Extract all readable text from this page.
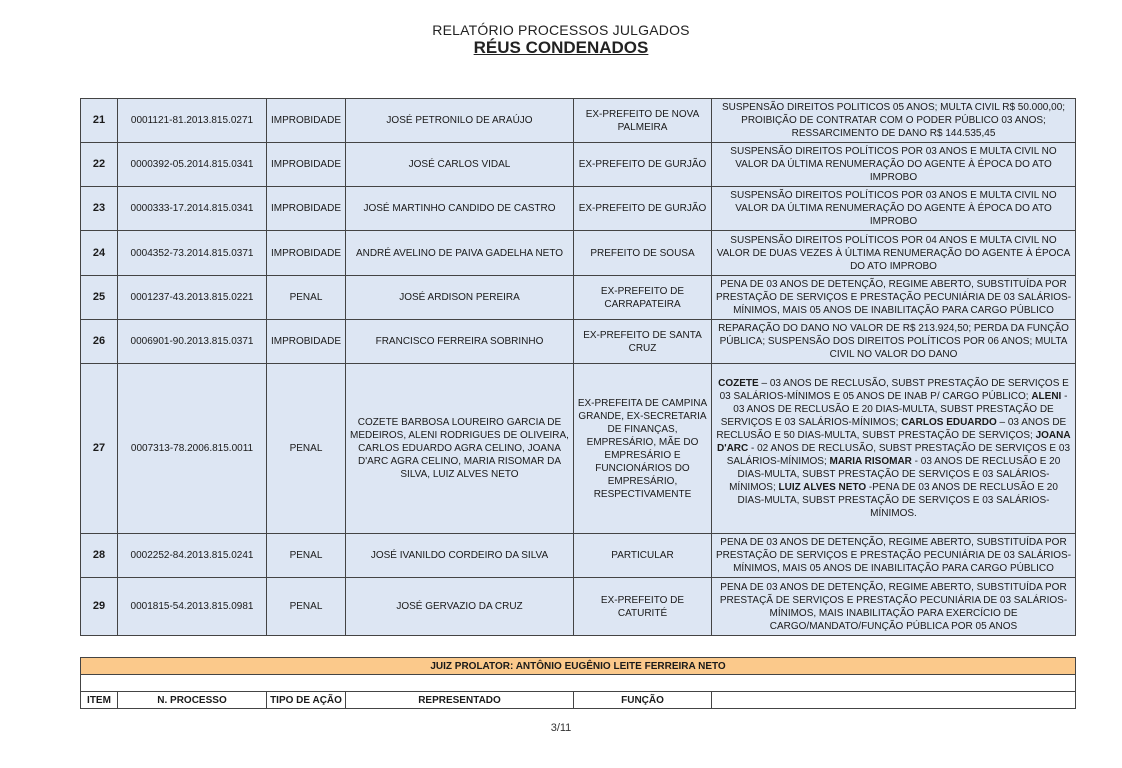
RELATÓRIO PROCESSOS JULGADOS
RÉUS CONDENADOS
21	0001121-81.2013.815.0271	IMPROBIDADE	JOSÉ PETRONILO DE ARAÚJO	EX-PREFEITO DE NOVA PALMEIRA	SUSPENSÃO DIREITOS POLITICOS 05 ANOS; MULTA CIVIL R$ 50.000,00; PROIBIÇÃO DE CONTRATAR COM O PODER PÚBLICO 03 ANOS; RESSARCIMENTO DE DANO R$ 144.535,45
22	0000392-05.2014.815.0341	IMPROBIDADE	JOSÉ CARLOS VIDAL	EX-PREFEITO DE GURJÃO	SUSPENSÃO DIREITOS POLÍTICOS POR 03 ANOS E MULTA CIVIL NO VALOR DA ÚLTIMA RENUMERAÇÃO DO AGENTE À ÉPOCA DO ATO IMPROBO
23	0000333-17.2014.815.0341	IMPROBIDADE	JOSÉ MARTINHO CANDIDO DE CASTRO	EX-PREFEITO DE GURJÃO	SUSPENSÃO DIREITOS POLÍTICOS POR 03 ANOS E MULTA CIVIL NO VALOR DA ÚLTIMA RENUMERAÇÃO DO AGENTE À ÉPOCA DO ATO IMPROBO
24	0004352-73.2014.815.0371	IMPROBIDADE	ANDRÉ AVELINO DE PAIVA GADELHA NETO	PREFEITO DE SOUSA	SUSPENSÃO DIREITOS POLÍTICOS POR 04 ANOS E MULTA CIVIL NO VALOR DE DUAS VEZES À ÚLTIMA RENUMERAÇÃO DO AGENTE À ÉPOCA DO ATO IMPROBO
25	0001237-43.2013.815.0221	PENAL	JOSÉ ARDISON PEREIRA	EX-PREFEITO DE CARRAPATEIRA	PENA DE 03 ANOS DE DETENÇÃO, REGIME ABERTO, SUBSTITUÍDA POR PRESTAÇÃO DE SERVIÇOS E PRESTAÇÃO PECUNIÁRIA DE 03 SALÁRIOS-MÍNIMOS, MAIS 05 ANOS DE INABILITAÇÃO PARA CARGO PÚBLICO
26	0006901-90.2013.815.0371	IMPROBIDADE	FRANCISCO FERREIRA SOBRINHO	EX-PREFEITO DE SANTA CRUZ	REPARAÇÃO DO DANO NO VALOR DE R$ 213.924,50; PERDA DA FUNÇÃO PÚBLICA; SUSPENSÃO DOS DIREITOS POLÍTICOS POR 06 ANOS; MULTA CIVIL NO VALOR DO DANO
27	0007313-78.2006.815.0011	PENAL	COZETE BARBOSA LOUREIRO GARCIA DE MEDEIROS, ALENI RODRIGUES DE OLIVEIRA, CARLOS EDUARDO AGRA CELINO, JOANA D'ARC AGRA CELINO, MARIA RISOMAR DA SILVA, LUIZ ALVES NETO	EX-PREFEITA DE CAMPINA GRANDE, EX-SECRETARIA DE FINANÇAS, EMPRESÁRIO, MÃE DO EMPRESÁRIO E FUNCIONÁRIOS DO EMPRESÁRIO, RESPECTIVAMENTE	COZETE – 03 ANOS DE RECLUSÃO, SUBST PRESTAÇÃO DE SERVIÇOS E 03 SALÁRIOS-MÍNIMOS E 05 ANOS DE INAB P/ CARGO PÚBLICO; ALENI - 03 ANOS DE RECLUSÃO E 20 DIAS-MULTA, SUBST PRESTAÇÃO DE SERVIÇOS E 03 SALÁRIOS-MÍNIMOS; CARLOS EDUARDO – 03 ANOS DE RECLUSÃO E 50 DIAS-MULTA, SUBST PRESTAÇÃO DE SERVIÇOS; JOANA D'ARC - 02 ANOS DE RECLUSÃO, SUBST PRESTAÇÃO DE SERVIÇOS E 03 SALÁRIOS-MÍNIMOS; MARIA RISOMAR - 03 ANOS DE RECLUSÃO E 20 DIAS-MULTA, SUBST PRESTAÇÃO DE SERVIÇOS E 03 SALÁRIOS-MÍNIMOS; LUIZ ALVES NETO -PENA DE 03 ANOS DE RECLUSÃO E 20 DIAS-MULTA, SUBST PRESTAÇÃO DE SERVIÇOS E 03 SALÁRIOS-MÍNIMOS.
28	0002252-84.2013.815.0241	PENAL	JOSÉ IVANILDO CORDEIRO DA SILVA	PARTICULAR	PENA DE 03 ANOS DE DETENÇÃO, REGIME ABERTO, SUBSTITUÍDA POR PRESTAÇÃO DE SERVIÇOS E PRESTAÇÃO PECUNIÁRIA DE 03 SALÁRIOS-MÍNIMOS, MAIS 05 ANOS DE INABILITAÇÃO PARA CARGO PÚBLICO
29	0001815-54.2013.815.0981	PENAL	JOSÉ GERVAZIO DA CRUZ	EX-PREFEITO DE CATURITÉ	PENA DE 03 ANOS DE DETENÇÃO, REGIME ABERTO, SUBSTITUÍDA POR PRESTAÇÃ DE SERVIÇOS E PRESTAÇÃO PECUNIÁRIA DE 03 SALÁRIOS-MÍNIMOS, MAIS INABILITAÇÃO PARA EXERCÍCIO DE CARGO/MANDATO/FUNÇÃO PÚBLICA POR 05 ANOS
JUIZ PROLATOR: ANTÔNIO EUGÊNIO LEITE FERREIRA NETO

ITEM	N. PROCESSO	TIPO DE AÇÃO	REPRESENTADO	FUNÇÃO	
3/11
